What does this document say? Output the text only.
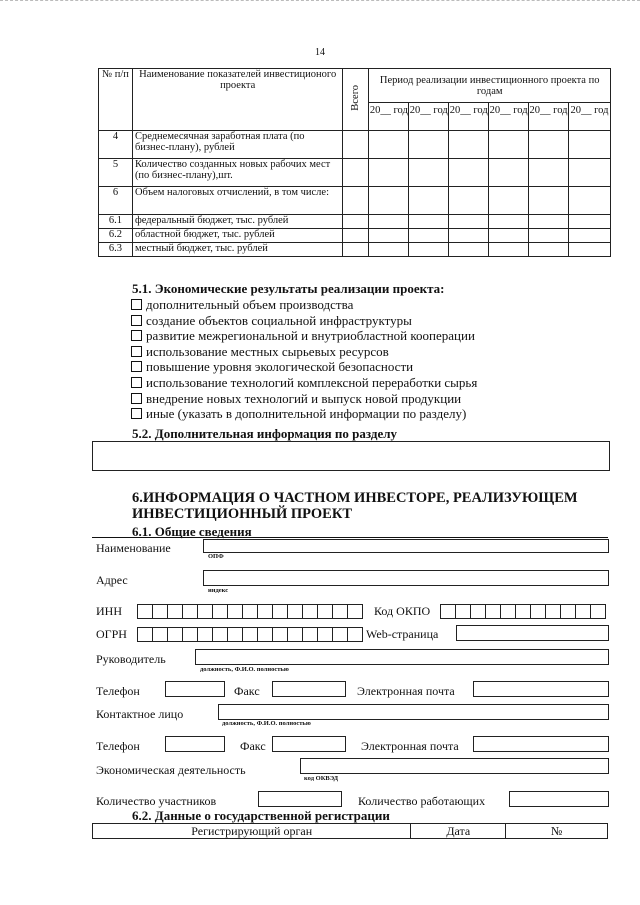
14
№ п/п	Наименование показателей инвестиционого проекта	Всего	Период реализации инвестиционного проекта по годам					
			20__ год	20__ год	20__ год	20__ год	20__ год	20__ год
4	Среднемесячная заработная плата (по бизнес-плану), рублей							
5	Количество созданных новых рабочих мест (по бизнес-плану),шт.							
6	Объем налоговых отчислений, в том числе:							
6.1	федеральный бюджет, тыс. рублей							
6.2	областной бюджет, тыс. рублей							
6.3	местный бюджет, тыс. рублей							
5.1. Экономические результаты реализации проекта:
дополнительный объем производства
создание объектов социальной инфраструктуры
развитие межрегиональной и внутриобластной кооперации
использование местных сырьевых ресурсов
повышение уровня экологической безопасности
использование технологий комплексной переработки сырья
внедрение новых технологий и выпуск новой продукции
иные (указать в дополнительной информации по разделу)
5.2. Дополнительная информация по разделу
6.ИНФОРМАЦИЯ О ЧАСТНОМ ИНВЕСТОРЕ, РЕАЛИЗУЮЩЕМ
ИНВЕСТИЦИОННЫЙ ПРОЕКТ
6.1. Общие сведения
Наименование
ОПФ
Адрес
индекс
ИНН	Код ОКПО
ОГРН	Web-страница
Руководитель
должность, Ф.И.О. полностью
Телефон	Факс	Электронная почта
Контактное лицо
должность, Ф.И.О. полностью
Телефон	Факс	Электронная почта
Экономическая деятельность
код ОКВЭД
Количество участников	Количество работающих
6.2. Данные о государственной регистрации
Регистрирующий орган	Дата	№
